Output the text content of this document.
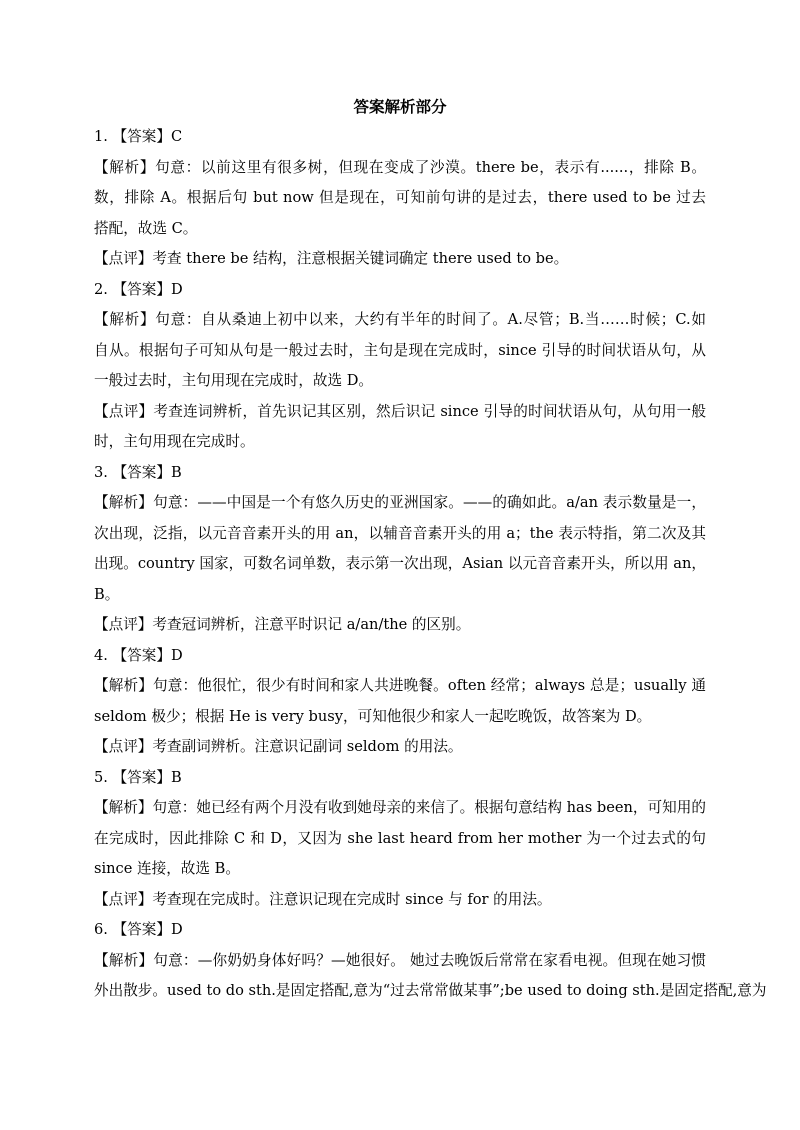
答案解析部分
1. 【答案】C
【解析】句意：以前这里有很多树，但现在变成了沙漠。there be，表示有......，排除 B。
数，排除 A。根据后句 but now 但是现在，可知前句讲的是过去，there used to be 过去
搭配，故选 C。
【点评】考查 there be 结构，注意根据关键词确定 there used to be。
2. 【答案】D
【解析】句意：自从桑迪上初中以来，大约有半年的时间了。A.尽管；B.当……时候；C.如
自从。根据句子可知从句是一般过去时，主句是现在完成时，since 引导的时间状语从句，从
一般过去时，主句用现在完成时，故选 D。
【点评】考查连词辨析，首先识记其区别，然后识记 since 引导的时间状语从句，从句用一般
时，主句用现在完成时。
3. 【答案】B
【解析】句意：——中国是一个有悠久历史的亚洲国家。——的确如此。a/an 表示数量是一，
次出现，泛指，以元音音素开头的用 an，以辅音音素开头的用 a；the 表示特指，第二次及其
出现。country 国家，可数名词单数，表示第一次出现，Asian 以元音音素开头，所以用 an，
B。
【点评】考查冠词辨析，注意平时识记 a/an/the 的区别。
4. 【答案】D
【解析】句意：他很忙，很少有时间和家人共进晚餐。often 经常；always 总是；usually 通
seldom 极少；根据 He is very busy，可知他很少和家人一起吃晚饭，故答案为 D。
【点评】考查副词辨析。注意识记副词 seldom 的用法。
5. 【答案】B
【解析】句意：她已经有两个月没有收到她母亲的来信了。根据句意结构 has been，可知用的
在完成时，因此排除 C 和 D，又因为 she last heard from her mother 为一个过去式的句
since 连接，故选 B。
【点评】考查现在完成时。注意识记现在完成时 since 与 for 的用法。
6. 【答案】D
【解析】句意：—你奶奶身体好吗？—她很好。 她过去晚饭后常常在家看电视。但现在她习惯
外出散步。used to do sth.是固定搭配,意为“过去常常做某事”;be used to doing sth.是固定搭配,意为
